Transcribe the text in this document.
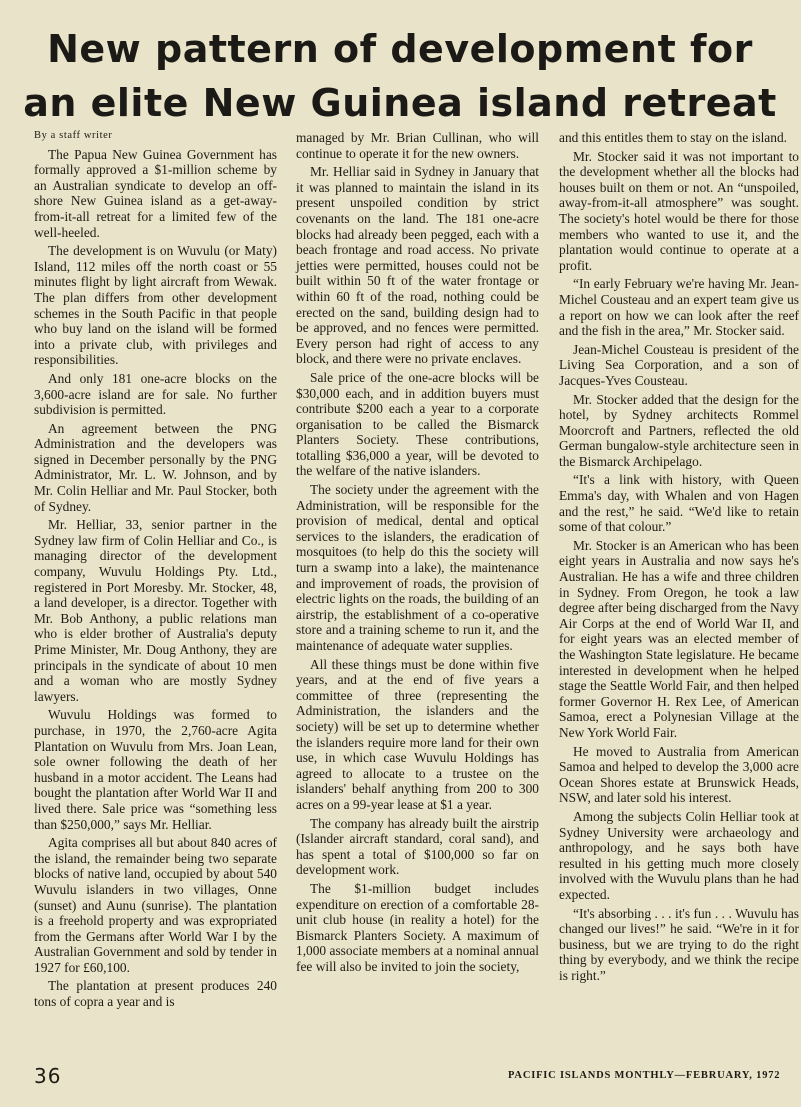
New pattern of development for an elite New Guinea island retreat

By a staff writer

The Papua New Guinea Government has formally approved a $1-million scheme by an Australian syndicate to develop an off-shore New Guinea island as a get-away-from-it-all retreat for a limited few of the well-heeled.

The development is on Wuvulu (or Maty) Island, 112 miles off the north coast or 55 minutes flight by light aircraft from Wewak. The plan differs from other development schemes in the South Pacific in that people who buy land on the island will be formed into a private club, with privileges and responsibilities.

And only 181 one-acre blocks on the 3,600-acre island are for sale. No further subdivision is permitted.

An agreement between the PNG Administration and the developers was signed in December personally by the PNG Administrator, Mr. L. W. Johnson, and by Mr. Colin Helliar and Mr. Paul Stocker, both of Sydney.

Mr. Helliar, 33, senior partner in the Sydney law firm of Colin Helliar and Co., is managing director of the development company, Wuvulu Holdings Pty. Ltd., registered in Port Moresby. Mr. Stocker, 48, a land developer, is a director. Together with Mr. Bob Anthony, a public relations man who is elder brother of Australia's deputy Prime Minister, Mr. Doug Anthony, they are principals in the syndicate of about 10 men and a woman who are mostly Sydney lawyers.

Wuvulu Holdings was formed to purchase, in 1970, the 2,760-acre Agita Plantation on Wuvulu from Mrs. Joan Lean, sole owner following the death of her husband in a motor accident. The Leans had bought the plantation after World War II and lived there. Sale price was “something less than $250,000,” says Mr. Helliar.

Agita comprises all but about 840 acres of the island, the remainder being two separate blocks of native land, occupied by about 540 Wuvulu islanders in two villages, Onne (sunset) and Aunu (sunrise). The plantation is a freehold property and was expropriated from the Germans after World War I by the Australian Government and sold by tender in 1927 for £60,100.

The plantation at present produces 240 tons of copra a year and is

managed by Mr. Brian Cullinan, who will continue to operate it for the new owners.

Mr. Helliar said in Sydney in January that it was planned to maintain the island in its present unspoiled condition by strict covenants on the land. The 181 one-acre blocks had already been pegged, each with a beach frontage and road access. No private jetties were permitted, houses could not be built within 50 ft of the water frontage or within 60 ft of the road, nothing could be erected on the sand, building design had to be approved, and no fences were permitted. Every person had right of access to any block, and there were no private enclaves.

Sale price of the one-acre blocks will be $30,000 each, and in addition buyers must contribute $200 each a year to a corporate organisation to be called the Bismarck Planters Society. These contributions, totalling $36,000 a year, will be devoted to the welfare of the native islanders.

The society under the agreement with the Administration, will be responsible for the provision of medical, dental and optical services to the islanders, the eradication of mosquitoes (to help do this the society will turn a swamp into a lake), the maintenance and improvement of roads, the provision of electric lights on the roads, the building of an airstrip, the establishment of a co-operative store and a training scheme to run it, and the maintenance of adequate water supplies.

All these things must be done within five years, and at the end of five years a committee of three (representing the Administration, the islanders and the society) will be set up to determine whether the islanders require more land for their own use, in which case Wuvulu Holdings has agreed to allocate to a trustee on the islanders' behalf anything from 200 to 300 acres on a 99-year lease at $1 a year.

The company has already built the airstrip (Islander aircraft standard, coral sand), and has spent a total of $100,000 so far on development work.

The $1-million budget includes expenditure on erection of a comfortable 28-unit club house (in reality a hotel) for the Bismarck Planters Society. A maximum of 1,000 associate members at a nominal annual fee will also be invited to join the society,

and this entitles them to stay on the island.

Mr. Stocker said it was not important to the development whether all the blocks had houses built on them or not. An “unspoiled, away-from-it-all atmosphere” was sought. The society's hotel would be there for those members who wanted to use it, and the plantation would continue to operate at a profit.

“In early February we're having Mr. Jean-Michel Cousteau and an expert team give us a report on how we can look after the reef and the fish in the area,” Mr. Stocker said.

Jean-Michel Cousteau is president of the Living Sea Corporation, and a son of Jacques-Yves Cousteau.

Mr. Stocker added that the design for the hotel, by Sydney architects Rommel Moorcroft and Partners, reflected the old German bungalow-style architecture seen in the Bismarck Archipelago.

“It's a link with history, with Queen Emma's day, with Whalen and von Hagen and the rest,” he said. “We'd like to retain some of that colour.”

Mr. Stocker is an American who has been eight years in Australia and now says he's Australian. He has a wife and three children in Sydney. From Oregon, he took a law degree after being discharged from the Navy Air Corps at the end of World War II, and for eight years was an elected member of the Washington State legislature. He became interested in development when he helped stage the Seattle World Fair, and then helped former Governor H. Rex Lee, of American Samoa, erect a Polynesian Village at the New York World Fair.

He moved to Australia from American Samoa and helped to develop the 3,000 acre Ocean Shores estate at Brunswick Heads, NSW, and later sold his interest.

Among the subjects Colin Helliar took at Sydney University were archaeology and anthropology, and he says both have resulted in his getting much more closely involved with the Wuvulu plans than he had expected.

“It's absorbing . . . it's fun . . . Wuvulu has changed our lives!” he said. “We're in it for business, but we are trying to do the right thing by everybody, and we think the recipe is right.”

36	PACIFIC ISLANDS MONTHLY—FEBRUARY, 1972
